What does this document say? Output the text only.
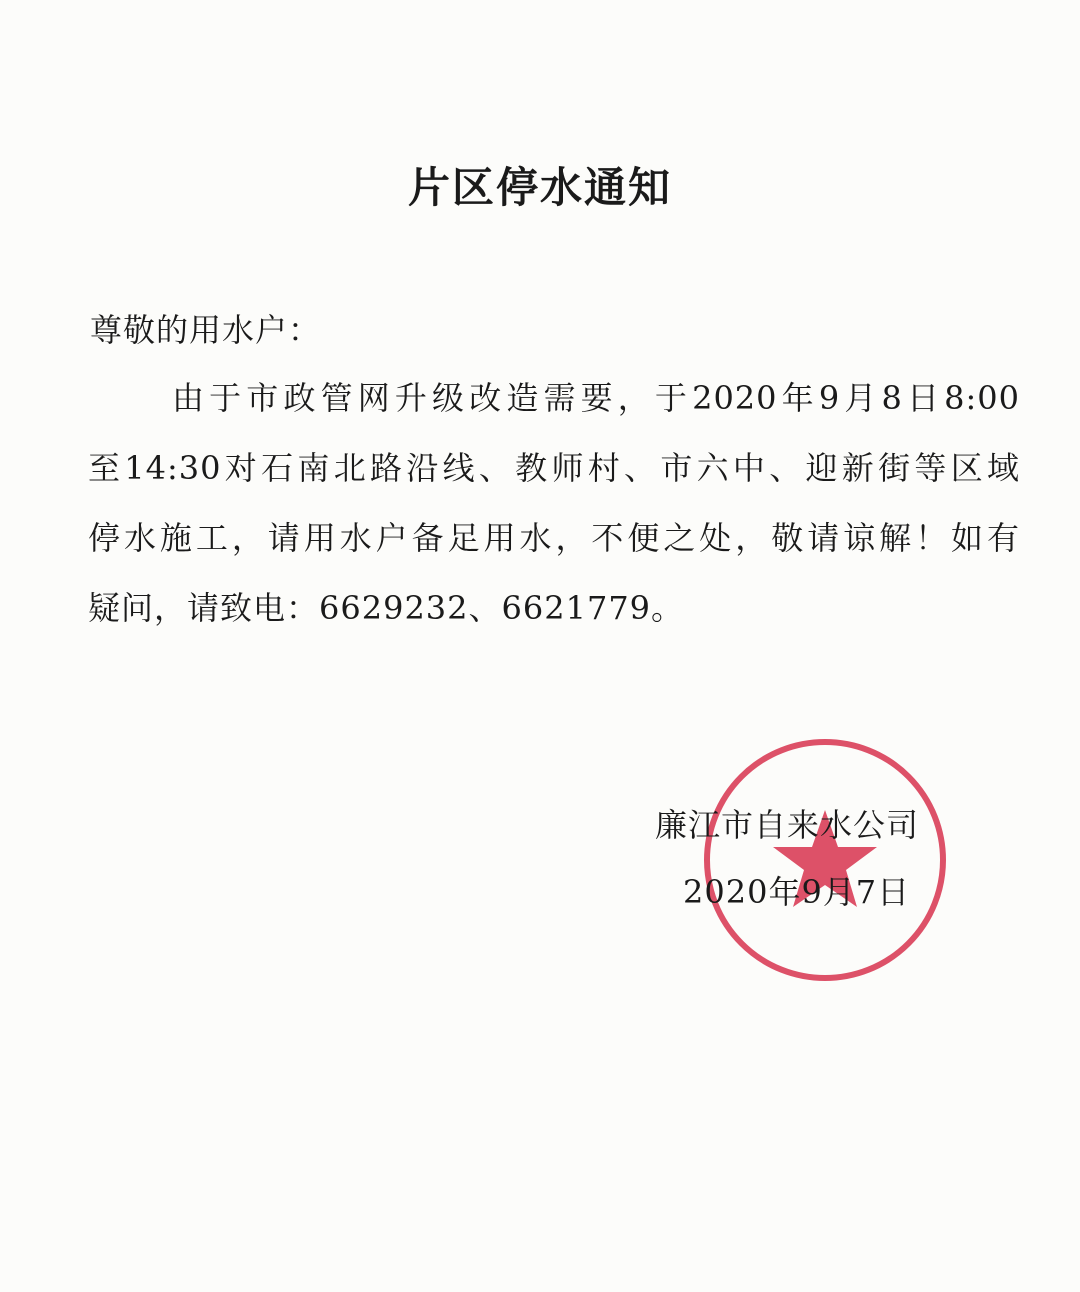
片区停水通知
尊敬的用水户：
由于市政管网升级改造需要，于2020年9月8日8:00
至14:30对石南北路沿线、教师村、市六中、迎新街等区域
停水施工，请用水户备足用水，不便之处，敬请谅解！如有
疑问，请致电：6629232、6621779。
廉江市自来水公司
2020年9月7日
